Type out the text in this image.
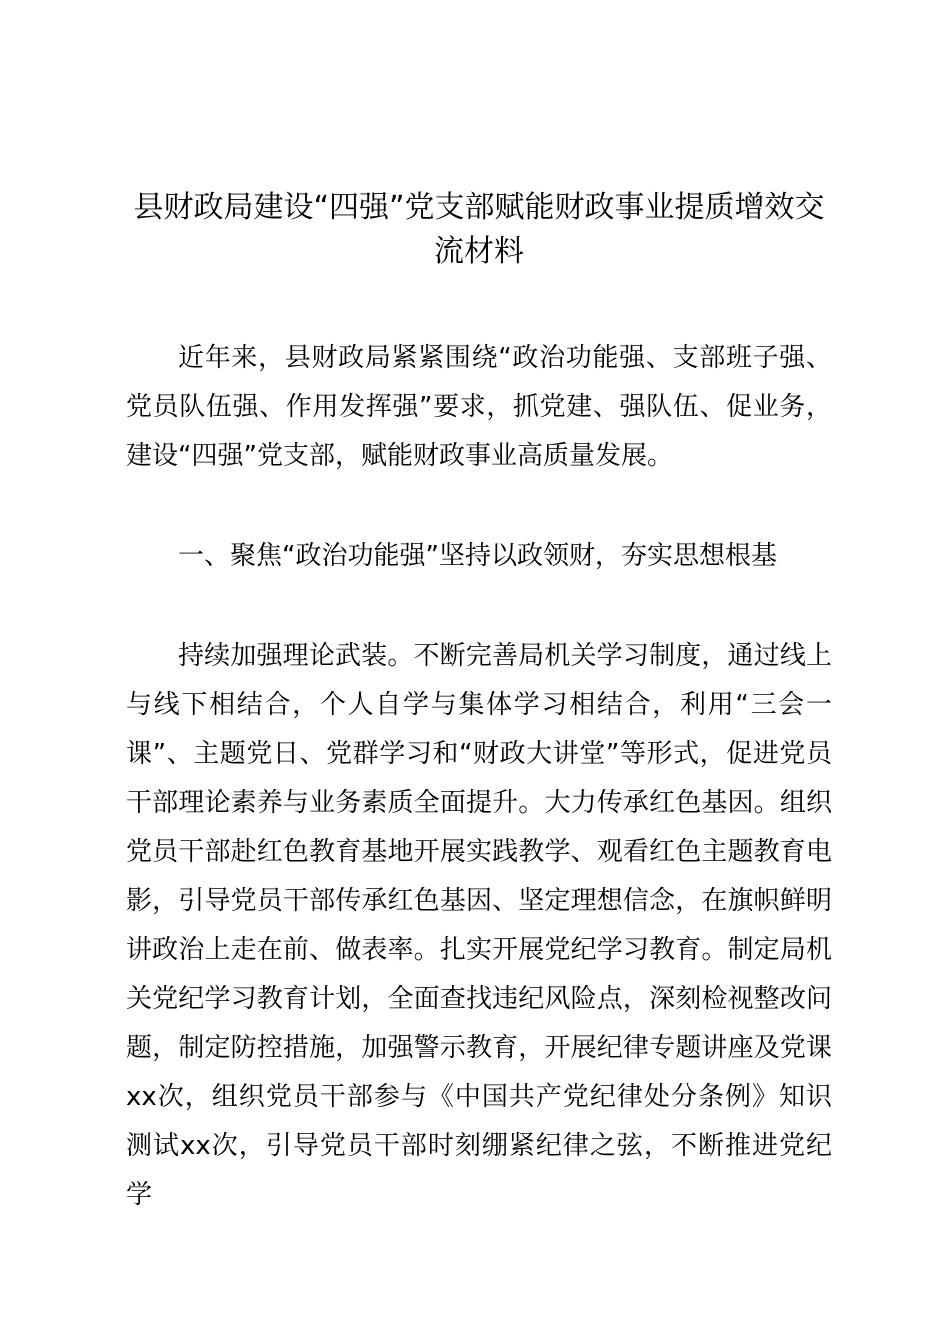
县财政局建设“四强”党支部赋能财政事业提质增效交流材料

近年来，县财政局紧紧围绕“政治功能强、支部班子强、党员队伍强、作用发挥强”要求，抓党建、强队伍、促业务，建设“四强”党支部，赋能财政事业高质量发展。

一、聚焦“政治功能强”坚持以政领财，夯实思想根基

持续加强理论武装。不断完善局机关学习制度，通过线上与线下相结合，个人自学与集体学习相结合，利用“三会一课”、主题党日、党群学习和“财政大讲堂”等形式，促进党员干部理论素养与业务素质全面提升。大力传承红色基因。组织党员干部赴红色教育基地开展实践教学、观看红色主题教育电影，引导党员干部传承红色基因、坚定理想信念，在旗帜鲜明讲政治上走在前、做表率。扎实开展党纪学习教育。制定局机关党纪学习教育计划，全面查找违纪风险点，深刻检视整改问题，制定防控措施，加强警示教育，开展纪律专题讲座及党课xx次，组织党员干部参与《中国共产党纪律处分条例》知识测试xx次，引导党员干部时刻绷紧纪律之弦，不断推进党纪学
